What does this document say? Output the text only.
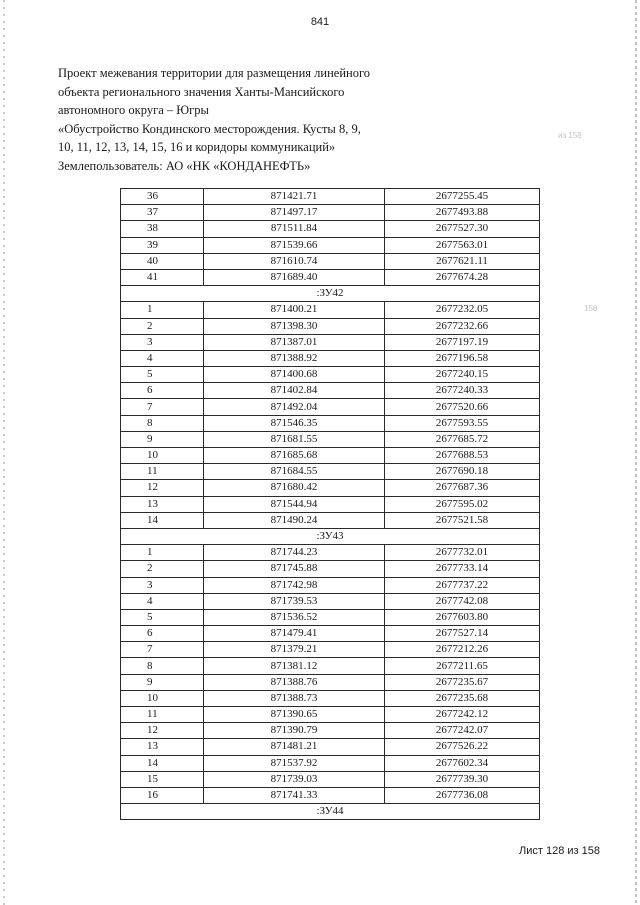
841
Проект межевания территории для размещения линейного
объекта регионального значения Ханты-Мансийского
автономного округа – Югры
«Обустройство Кондинского месторождения. Кусты 8, 9,
10, 11, 12, 13, 14, 15, 16 и коридоры коммуникаций»
Землепользователь: АО «НК «КОНДАНЕФТЬ»
из 158
158
36	871421.71	2677255.45
37	871497.17	2677493.88
38	871511.84	2677527.30
39	871539.66	2677563.01
40	871610.74	2677621.11
41	871689.40	2677674.28
:ЗУ42		
1	871400.21	2677232.05
2	871398.30	2677232.66
3	871387.01	2677197.19
4	871388.92	2677196.58
5	871400.68	2677240.15
6	871402.84	2677240.33
7	871492.04	2677520.66
8	871546.35	2677593.55
9	871681.55	2677685.72
10	871685.68	2677688.53
11	871684.55	2677690.18
12	871680.42	2677687.36
13	871544.94	2677595.02
14	871490.24	2677521.58
:ЗУ43		
1	871744.23	2677732.01
2	871745.88	2677733.14
3	871742.98	2677737.22
4	871739.53	2677742.08
5	871536.52	2677603.80
6	871479.41	2677527.14
7	871379.21	2677212.26
8	871381.12	2677211.65
9	871388.76	2677235.67
10	871388.73	2677235.68
11	871390.65	2677242.12
12	871390.79	2677242.07
13	871481.21	2677526.22
14	871537.92	2677602.34
15	871739.03	2677739.30
16	871741.33	2677736.08
:ЗУ44		
Лист 128 из 158
